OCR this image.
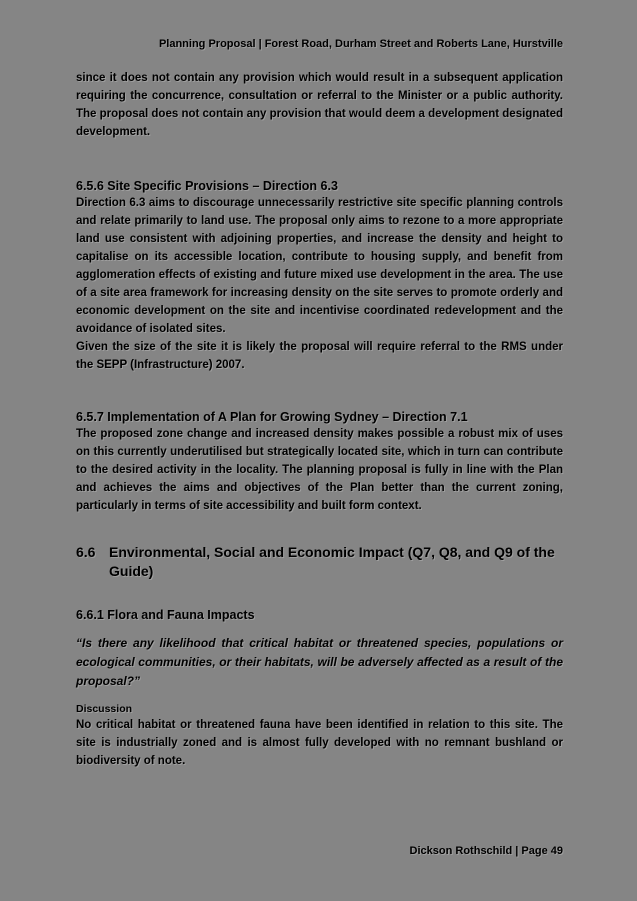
Planning Proposal | Forest Road, Durham Street and Roberts Lane, Hurstville

since it does not contain any provision which would result in a subsequent application requiring the concurrence, consultation or referral to the Minister or a public authority. The proposal does not contain any provision that would deem a development designated development.

6.5.6 Site Specific Provisions – Direction 6.3

Direction 6.3 aims to discourage unnecessarily restrictive site specific planning controls and relate primarily to land use. The proposal only aims to rezone to a more appropriate land use consistent with adjoining properties, and increase the density and height to capitalise on its accessible location, contribute to housing supply, and benefit from agglomeration effects of existing and future mixed use development in the area. The use of a site area framework for increasing density on the site serves to promote orderly and economic development on the site and incentivise coordinated redevelopment and the avoidance of isolated sites.

Given the size of the site it is likely the proposal will require referral to the RMS under the SEPP (Infrastructure) 2007.

6.5.7 Implementation of A Plan for Growing Sydney – Direction 7.1

The proposed zone change and increased density makes possible a robust mix of uses on this currently underutilised but strategically located site, which in turn can contribute to the desired activity in the locality. The planning proposal is fully in line with the Plan and achieves the aims and objectives of the Plan better than the current zoning, particularly in terms of site accessibility and built form context.

6.6 Environmental, Social and Economic Impact (Q7, Q8, and Q9 of the Guide)
6.6.1 Flora and Fauna Impacts

“Is there any likelihood that critical habitat or threatened species, populations or ecological communities, or their habitats, will be adversely affected as a result of the proposal?”

Discussion

No critical habitat or threatened fauna have been identified in relation to this site. The site is industrially zoned and is almost fully developed with no remnant bushland or biodiversity of note.

Dickson Rothschild | Page 49
